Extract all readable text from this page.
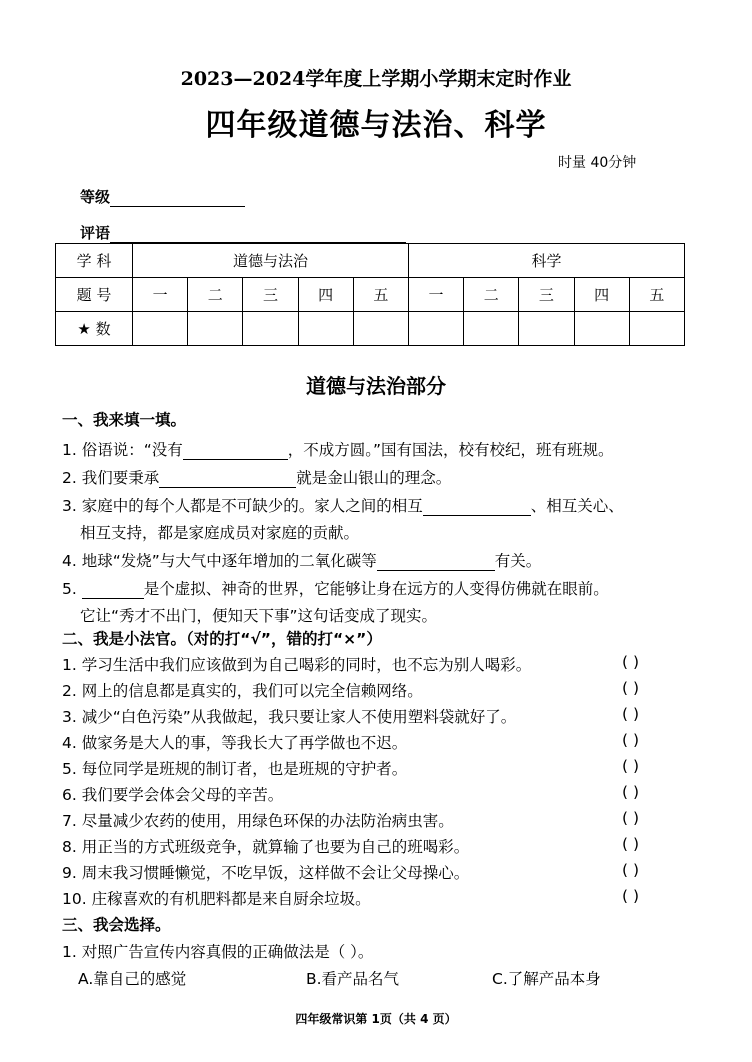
2023—2024学年度上学期小学期末定时作业
四年级道德与法治、科学
时量 40分钟
等级
评语
学 科	道德与法治					科学				
题 号	一	二	三	四	五	一	二	三	四	五
★ 数										
道德与法治部分
一、我来填一填。
1. 俗语说：“没有	，不成方圆。”国有国法，校有校纪，班有班规。
2. 我们要秉承	就是金山银山的理念。
3. 家庭中的每个人都是不可缺少的。家人之间的相互	、相互关心、
相互支持，都是家庭成员对家庭的贡献。
4. 地球“发烧”与大气中逐年增加的二氧化碳等	有关。
5.	是个虚拟、神奇的世界，它能够让身在远方的人变得仿佛就在眼前。
它让“秀才不出门，便知天下事”这句话变成了现实。
二、我是小法官。（对的打“√”，错的打“×”）
1. 学习生活中我们应该做到为自己喝彩的同时，也不忘为别人喝彩。	( )
2. 网上的信息都是真实的，我们可以完全信赖网络。	( )
3. 减少“白色污染”从我做起，我只要让家人不使用塑料袋就好了。	( )
4. 做家务是大人的事，等我长大了再学做也不迟。	( )
5. 每位同学是班规的制订者，也是班规的守护者。	( )
6. 我们要学会体会父母的辛苦。	( )
7. 尽量减少农药的使用，用绿色环保的办法防治病虫害。	( )
8. 用正当的方式班级竞争，就算输了也要为自己的班喝彩。	( )
9. 周末我习惯睡懒觉，不吃早饭，这样做不会让父母操心。	( )
10. 庄稼喜欢的有机肥料都是来自厨余垃圾。	( )
三、我会选择。
1. 对照广告宣传内容真假的正确做法是（ ）。
A.靠自己的感觉	B.看产品名气	C.了解产品本身
四年级常识第 1页（共 4 页）
